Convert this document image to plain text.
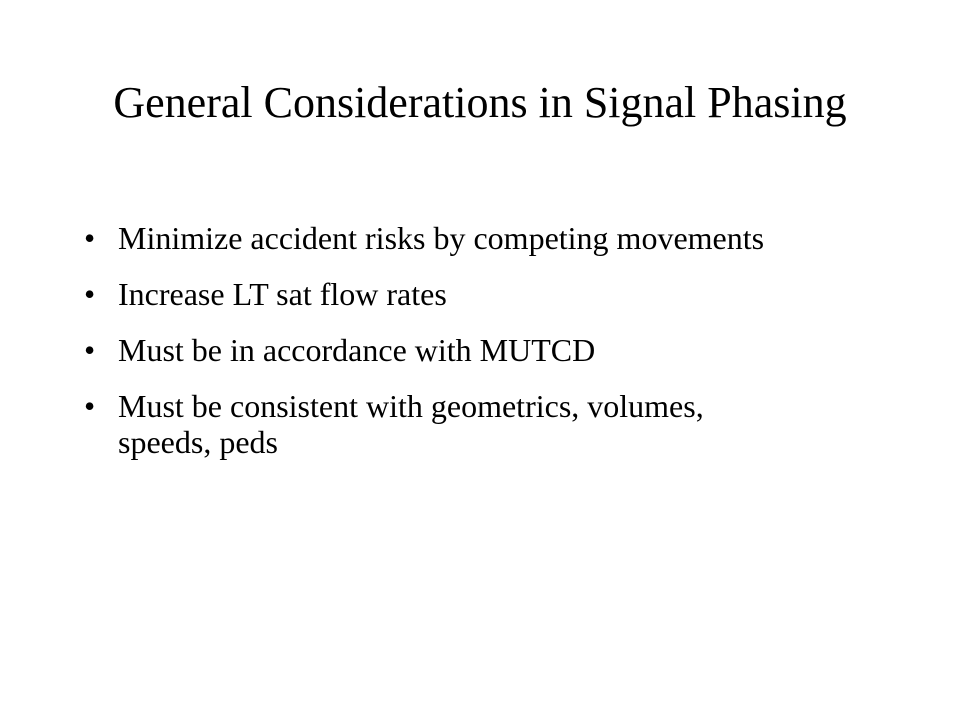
General Considerations in Signal Phasing
• Minimize accident risks by competing movements
• Increase LT sat flow rates
• Must be in accordance with MUTCD
• Must be consistent with geometrics, volumes, speeds, peds
